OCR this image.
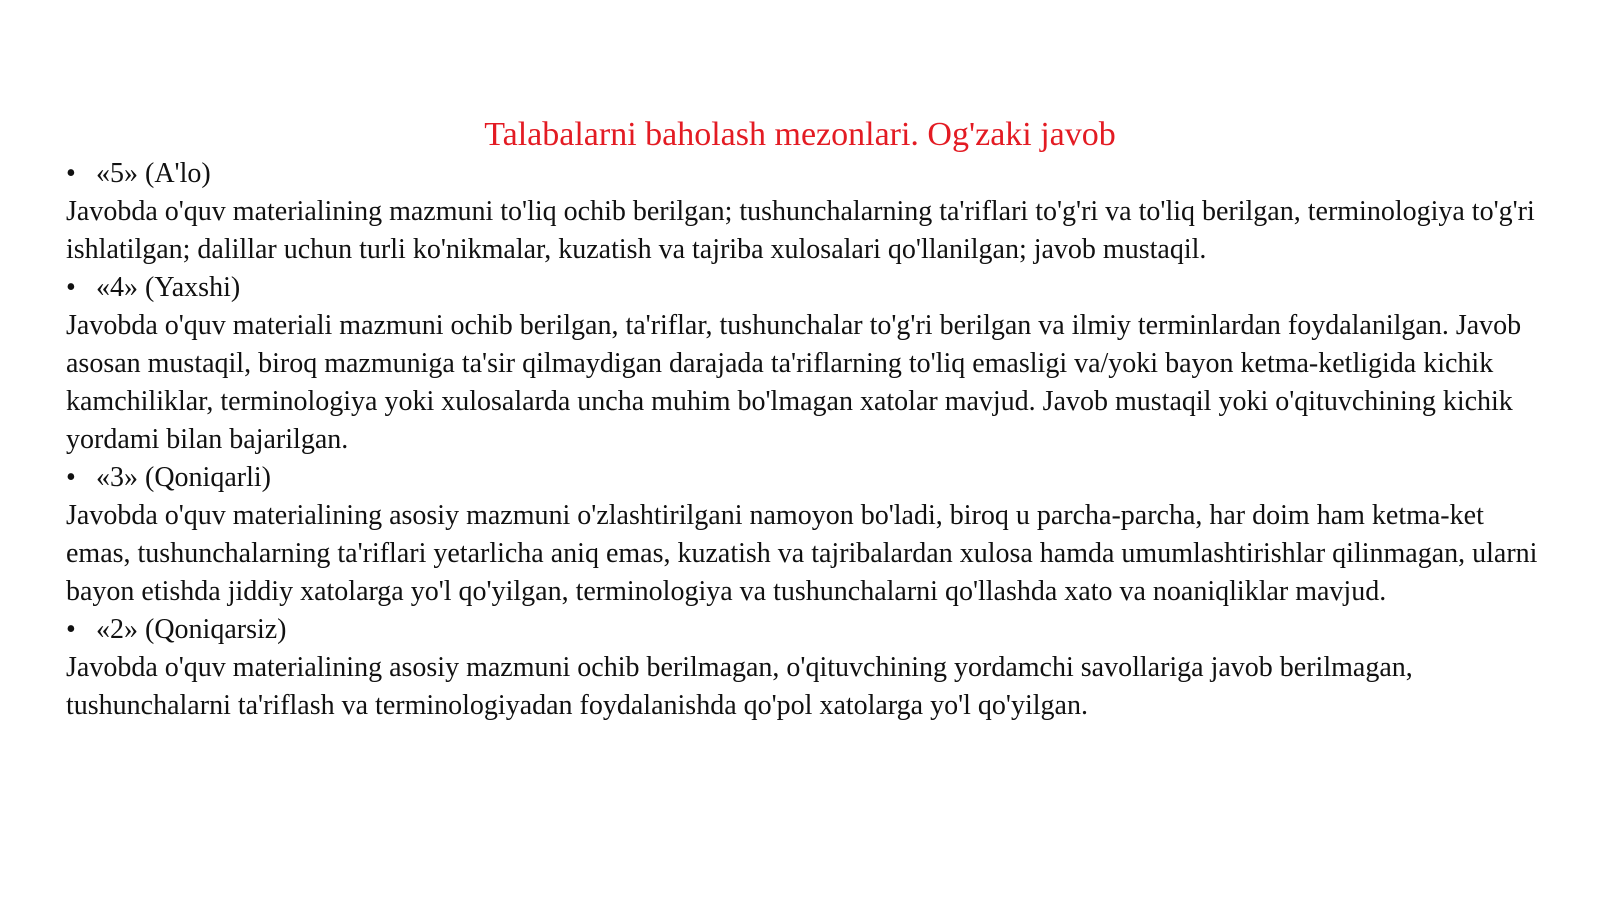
Talabalarni baholash mezonlari. Og'zaki javob

• «5» (A'lo)

Javobda o'quv materialining mazmuni to'liq ochib berilgan; tushunchalarning ta'riflari to'g'ri va to'liq berilgan, terminologiya to'g'ri ishlatilgan; dalillar uchun turli ko'nikmalar, kuzatish va tajriba xulosalari qo'llanilgan; javob mustaqil.

• «4» (Yaxshi)

Javobda o'quv materiali mazmuni ochib berilgan, ta'riflar, tushunchalar to'g'ri berilgan va ilmiy terminlardan foydalanilgan. Javob asosan mustaqil, biroq mazmuniga ta'sir qilmaydigan darajada ta'riflarning to'liq emasligi va/yoki bayon ketma-ketligida kichik kamchiliklar, terminologiya yoki xulosalarda uncha muhim bo'lmagan xatolar mavjud. Javob mustaqil yoki o'qituvchining kichik yordami bilan bajarilgan.

• «3» (Qoniqarli)

Javobda o'quv materialining asosiy mazmuni o'zlashtirilgani namoyon bo'ladi, biroq u parcha-parcha, har doim ham ketma-ket emas, tushunchalarning ta'riflari yetarlicha aniq emas, kuzatish va tajribalardan xulosa hamda umumlashtirishlar qilinmagan, ularni bayon etishda jiddiy xatolarga yo'l qo'yilgan, terminologiya va tushunchalarni qo'llashda xato va noaniqliklar mavjud.

• «2» (Qoniqarsiz)

Javobda o'quv materialining asosiy mazmuni ochib berilmagan, o'qituvchining yordamchi savollariga javob berilmagan, tushunchalarni ta'riflash va terminologiyadan foydalanishda qo'pol xatolarga yo'l qo'yilgan.
